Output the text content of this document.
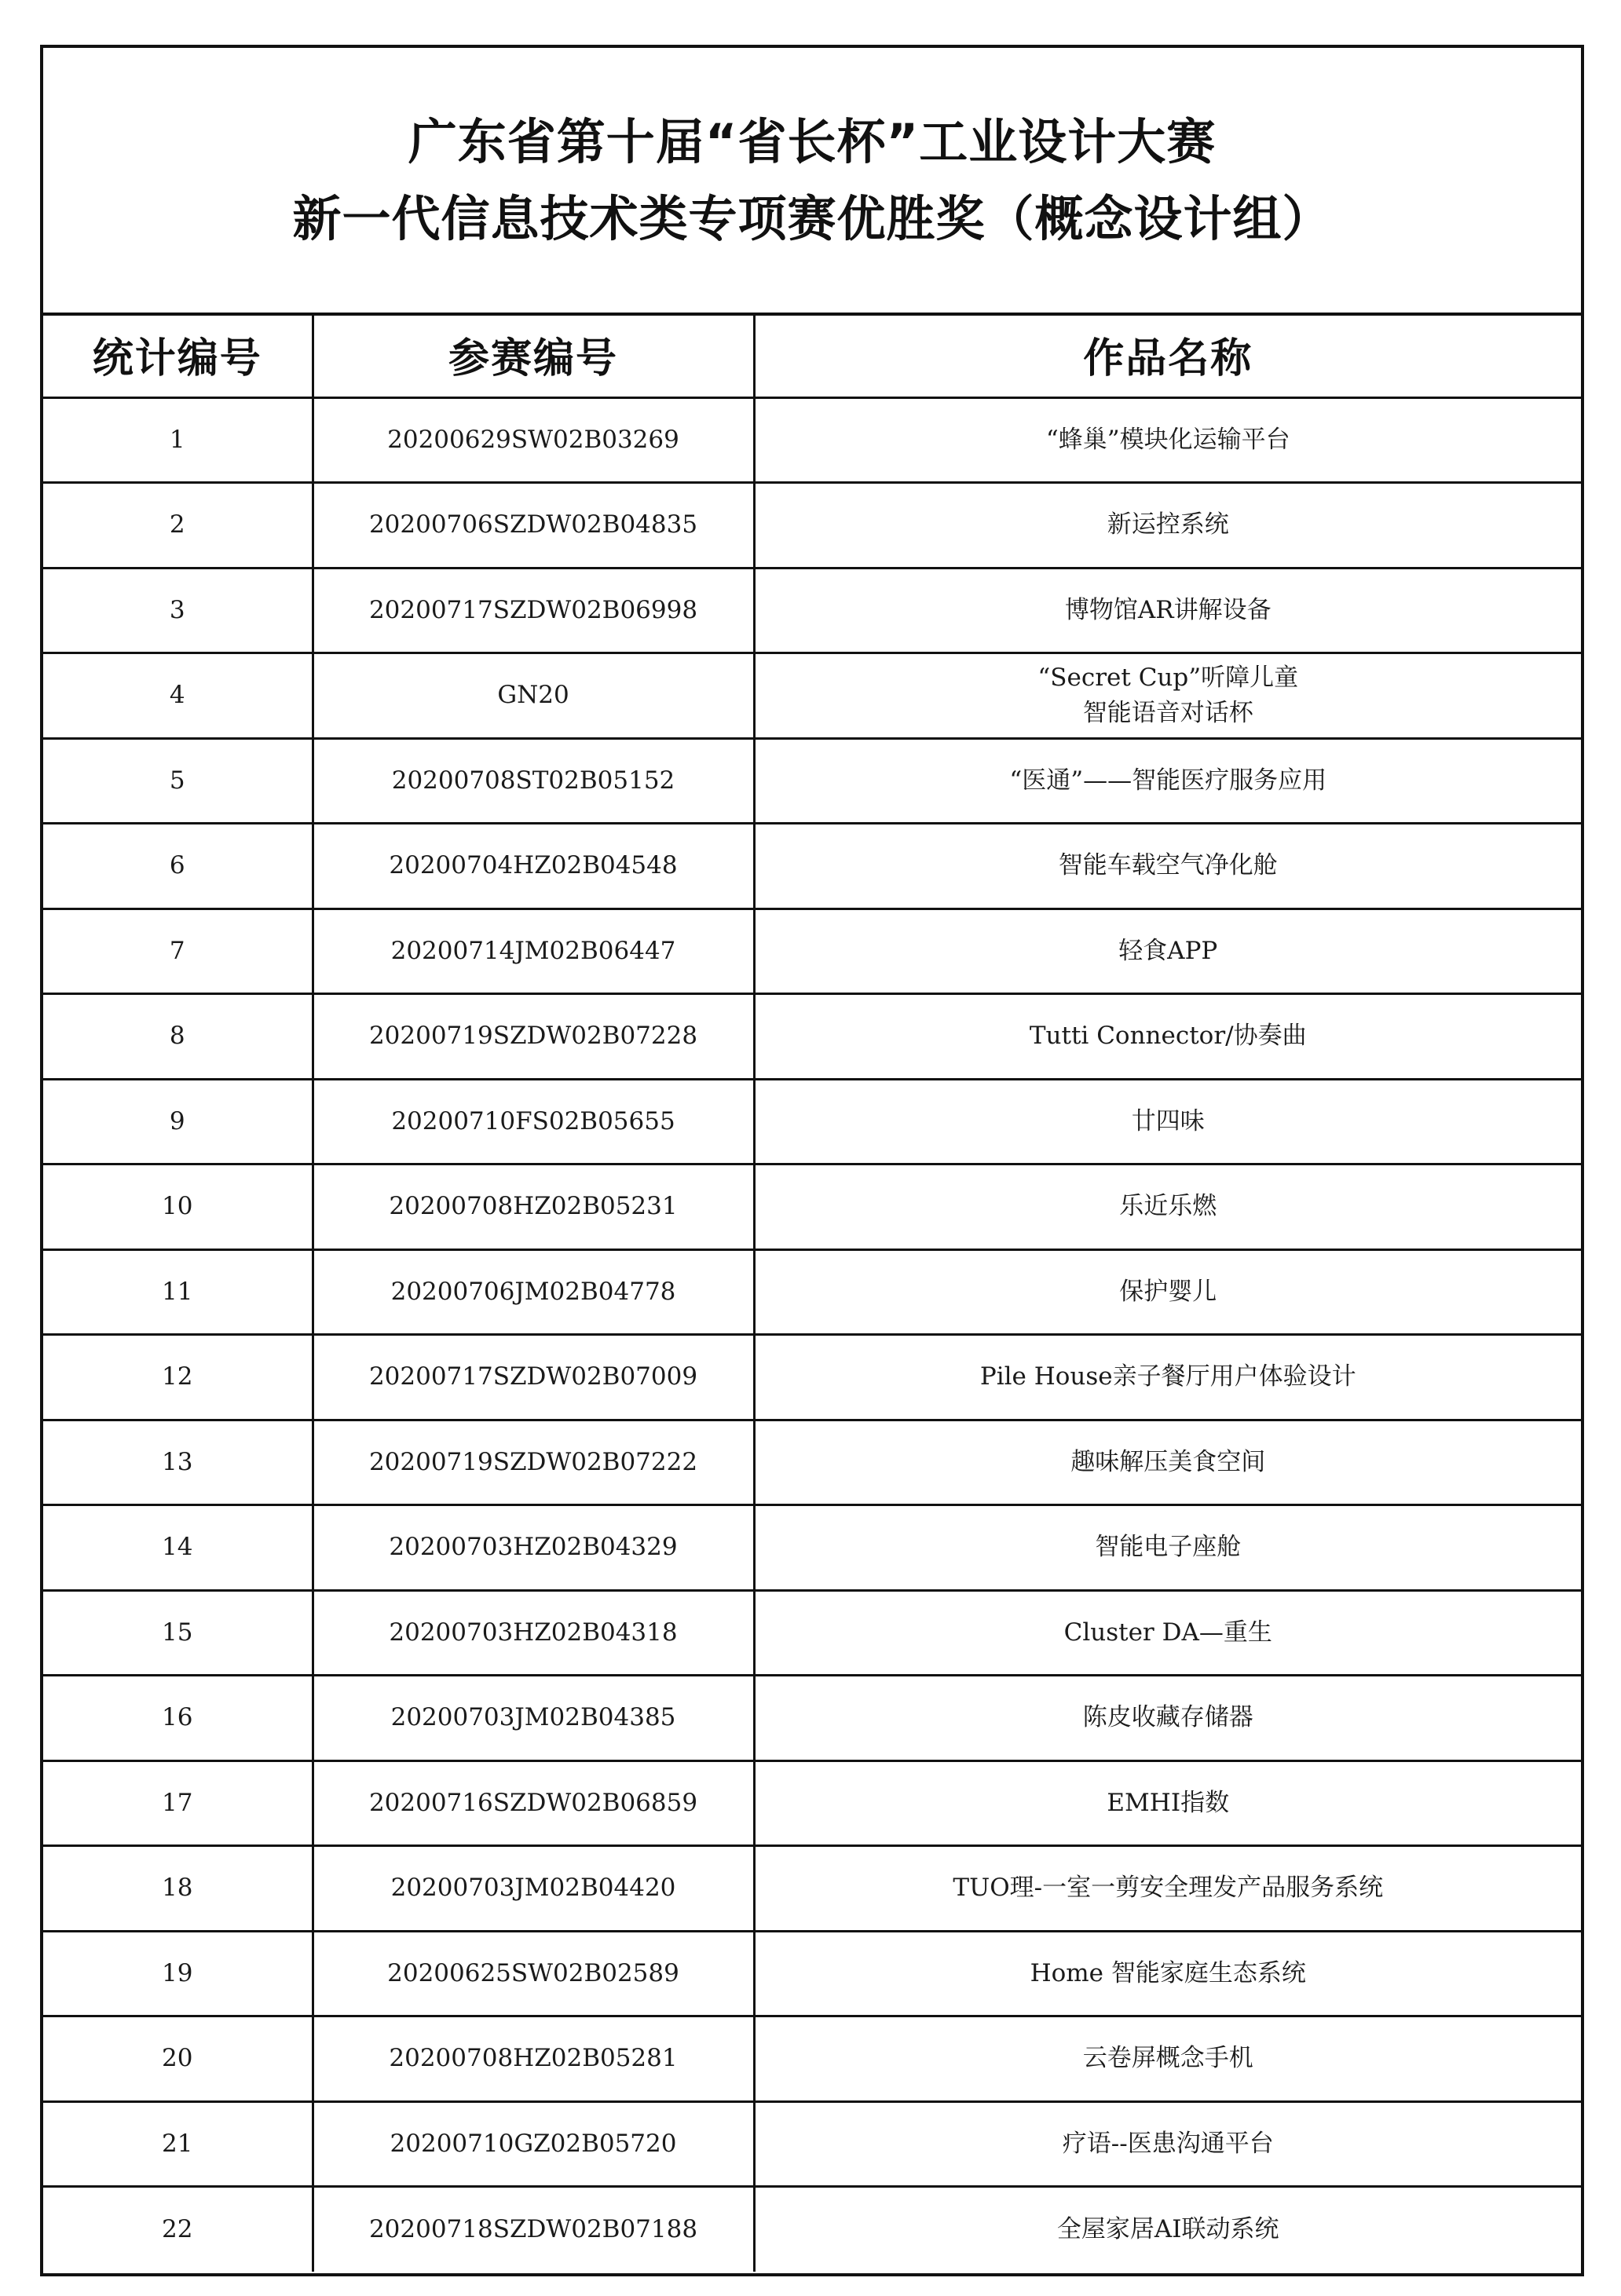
广东省第十届“省长杯”工业设计大赛
新一代信息技术类专项赛优胜奖（概念设计组）
统计编号	参赛编号	作品名称
1	20200629SW02B03269	“蜂巢”模块化运输平台

2	20200706SZDW02B04835	新运控系统

3	20200717SZDW02B06998	博物馆AR讲解设备

4	GN20	“Secret Cup”听障儿童
智能语音对话杯

5	20200708ST02B05152	“医通”——智能医疗服务应用

6	20200704HZ02B04548	智能车载空气净化舱

7	20200714JM02B06447	轻食APP

8	20200719SZDW02B07228	Tutti Connector/协奏曲

9	20200710FS02B05655	廿四味

10	20200708HZ02B05231	乐近乐燃

11	20200706JM02B04778	保护婴儿

12	20200717SZDW02B07009	Pile House亲子餐厅用户体验设计

13	20200719SZDW02B07222	趣味解压美食空间

14	20200703HZ02B04329	智能电子座舱

15	20200703HZ02B04318	Cluster DA—重生

16	20200703JM02B04385	陈皮收藏存储器

17	20200716SZDW02B06859	EMHI指数

18	20200703JM02B04420	TUO理-一室一剪安全理发产品服务系统

19	20200625SW02B02589	Home 智能家庭生态系统

20	20200708HZ02B05281	云卷屏概念手机

21	20200710GZ02B05720	疗语--医患沟通平台

22	20200718SZDW02B07188	全屋家居AI联动系统
